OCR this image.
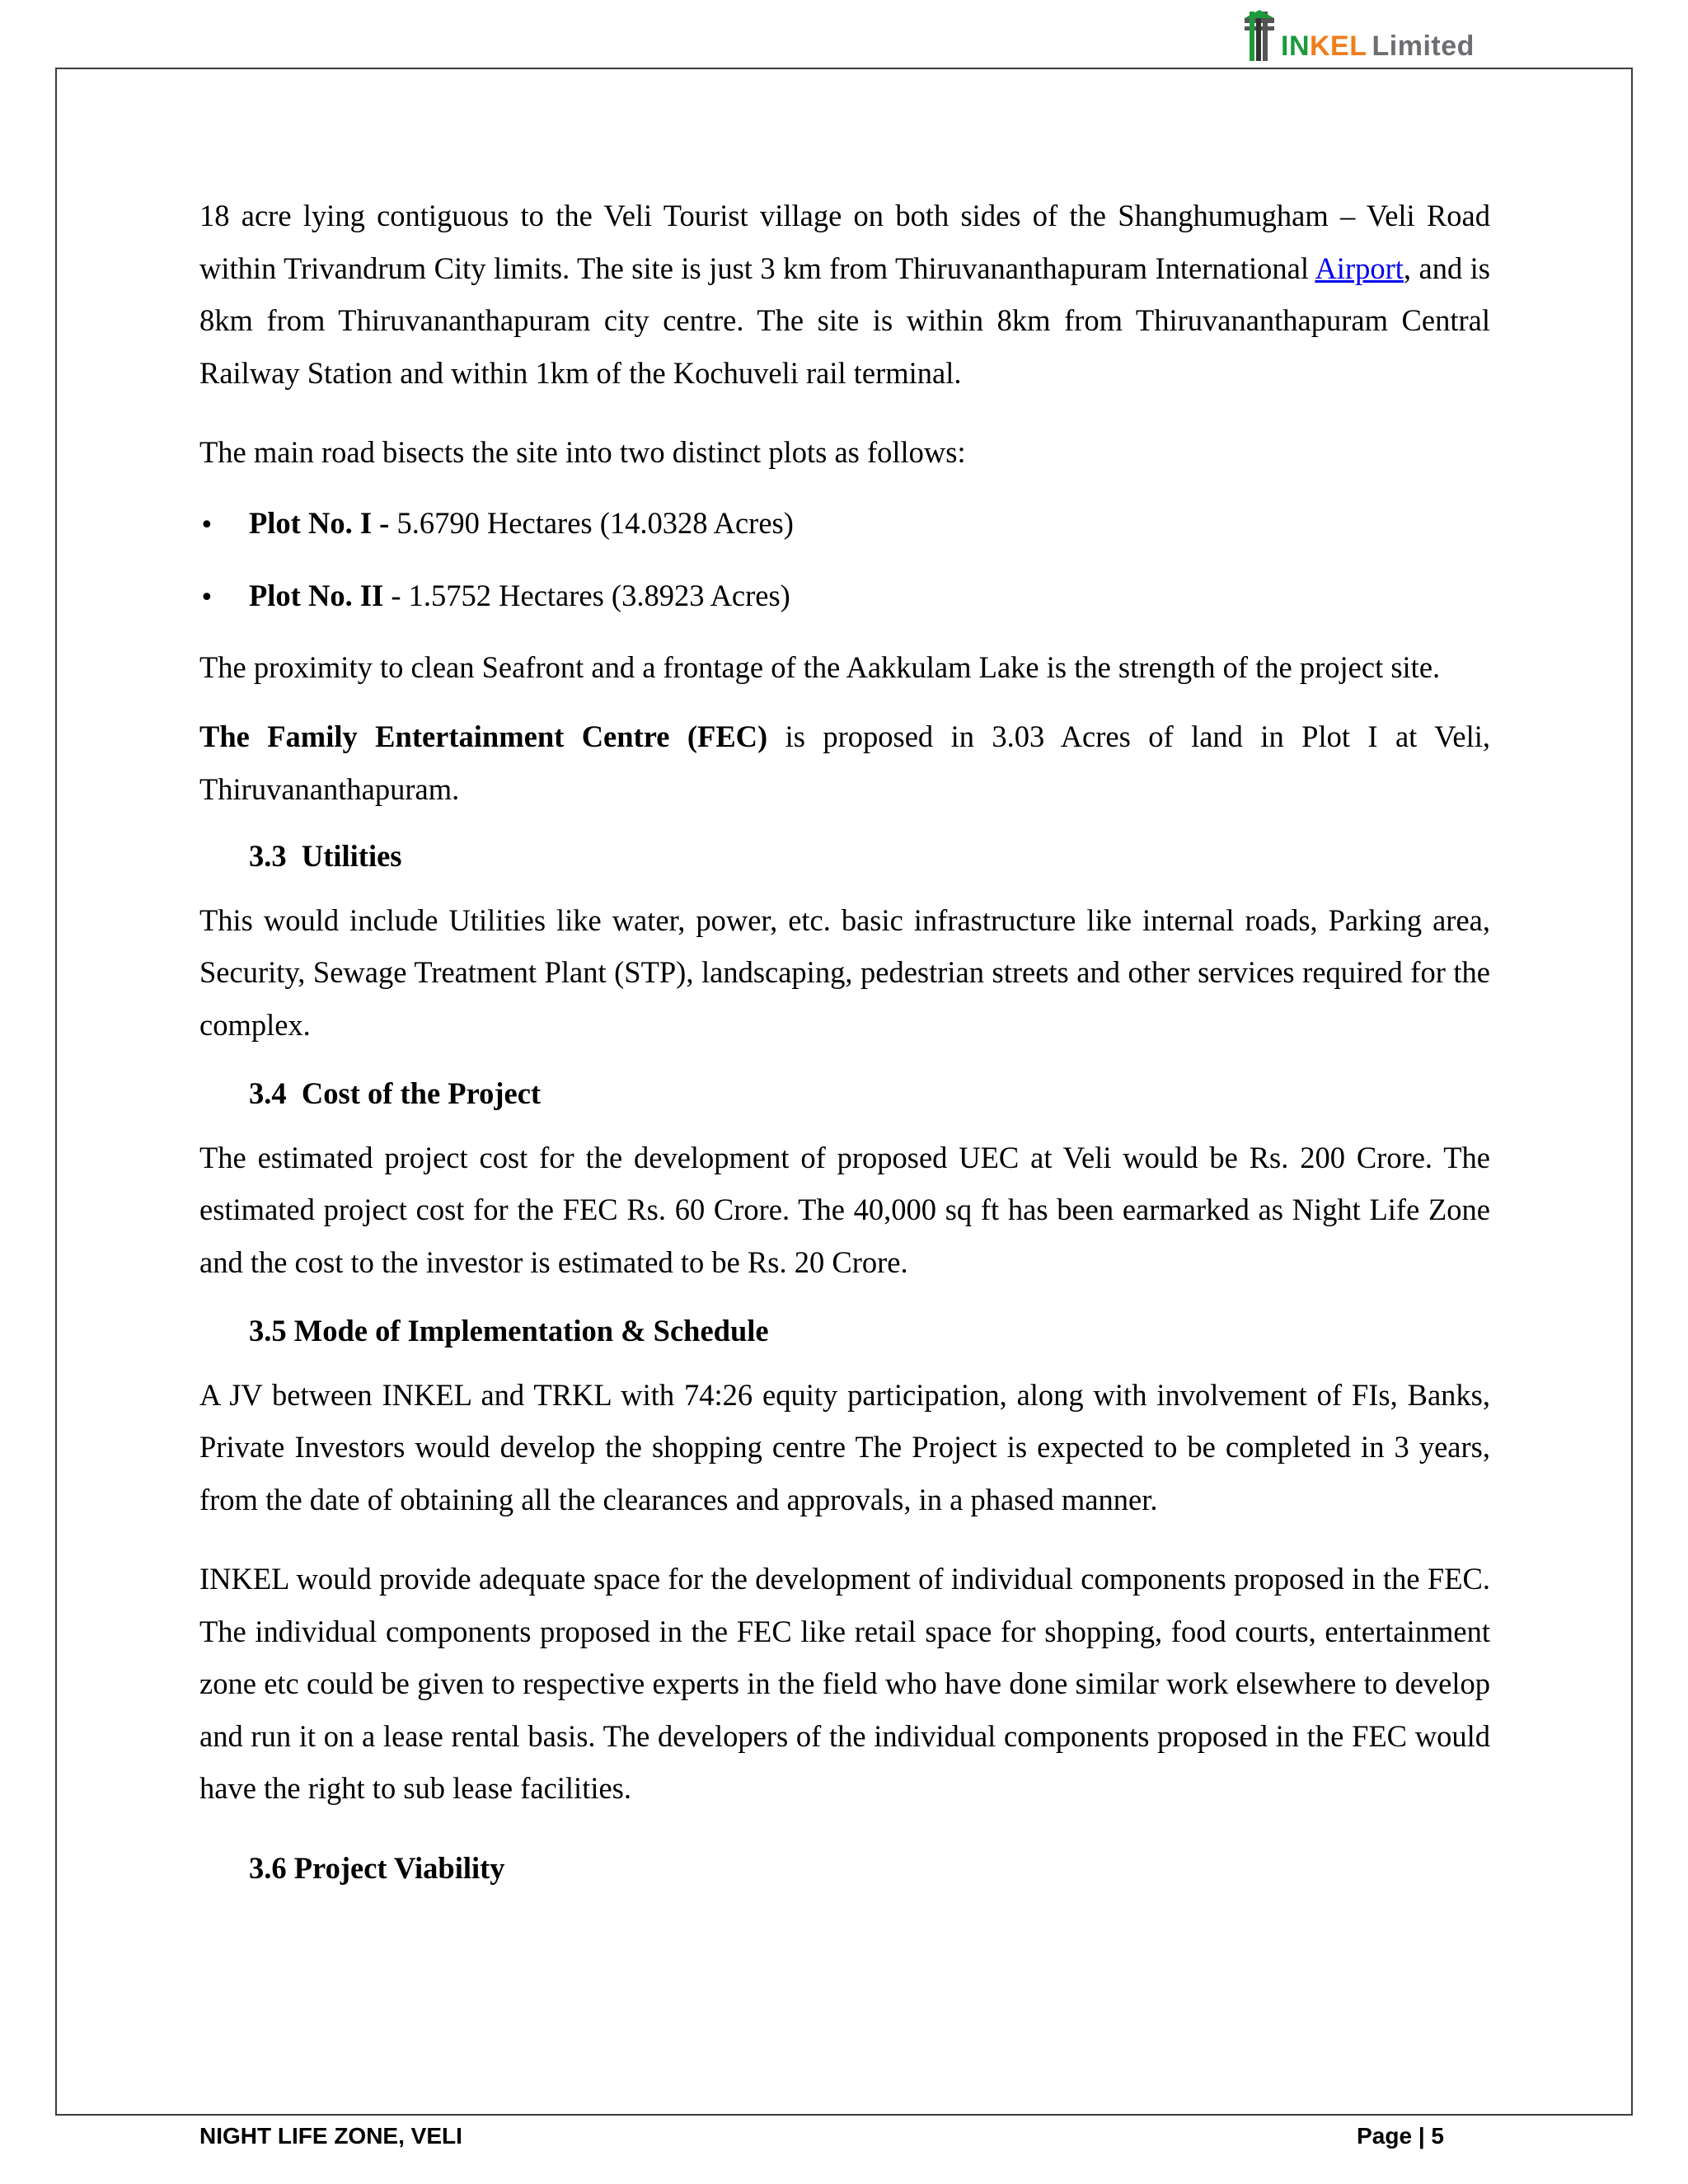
INKEL Limited

18 acre lying contiguous to the Veli Tourist village on both sides of the Shanghumugham – Veli Road within Trivandrum City limits. The site is just 3 km from Thiruvananthapuram International Airport, and is 8km from Thiruvananthapuram city centre. The site is within 8km from Thiruvananthapuram Central Railway Station and within 1km of the Kochuveli rail terminal.

The main road bisects the site into two distinct plots as follows:

•	Plot No. I - 5.6790 Hectares (14.0328 Acres)
•	Plot No. II - 1.5752 Hectares (3.8923 Acres)

The proximity to clean Seafront and a frontage of the Aakkulam Lake is the strength of the project site.

The Family Entertainment Centre (FEC) is proposed in 3.03 Acres of land in Plot I at Veli, Thiruvananthapuram.

3.3 Utilities

This would include Utilities like water, power, etc. basic infrastructure like internal roads, Parking area, Security, Sewage Treatment Plant (STP), landscaping, pedestrian streets and other services required for the complex.

3.4 Cost of the Project

The estimated project cost for the development of proposed UEC at Veli would be Rs. 200 Crore. The estimated project cost for the FEC Rs. 60 Crore. The 40,000 sq ft has been earmarked as Night Life Zone and the cost to the investor is estimated to be Rs. 20 Crore.

3.5 Mode of Implementation & Schedule

A JV between INKEL and TRKL with 74:26 equity participation, along with involvement of FIs, Banks, Private Investors would develop the shopping centre The Project is expected to be completed in 3 years, from the date of obtaining all the clearances and approvals, in a phased manner.

INKEL would provide adequate space for the development of individual components proposed in the FEC. The individual components proposed in the FEC like retail space for shopping, food courts, entertainment zone etc could be given to respective experts in the field who have done similar work elsewhere to develop and run it on a lease rental basis. The developers of the individual components proposed in the FEC would have the right to sub lease facilities.

3.6 Project Viability
NIGHT LIFE ZONE, VELI	Page | 5
